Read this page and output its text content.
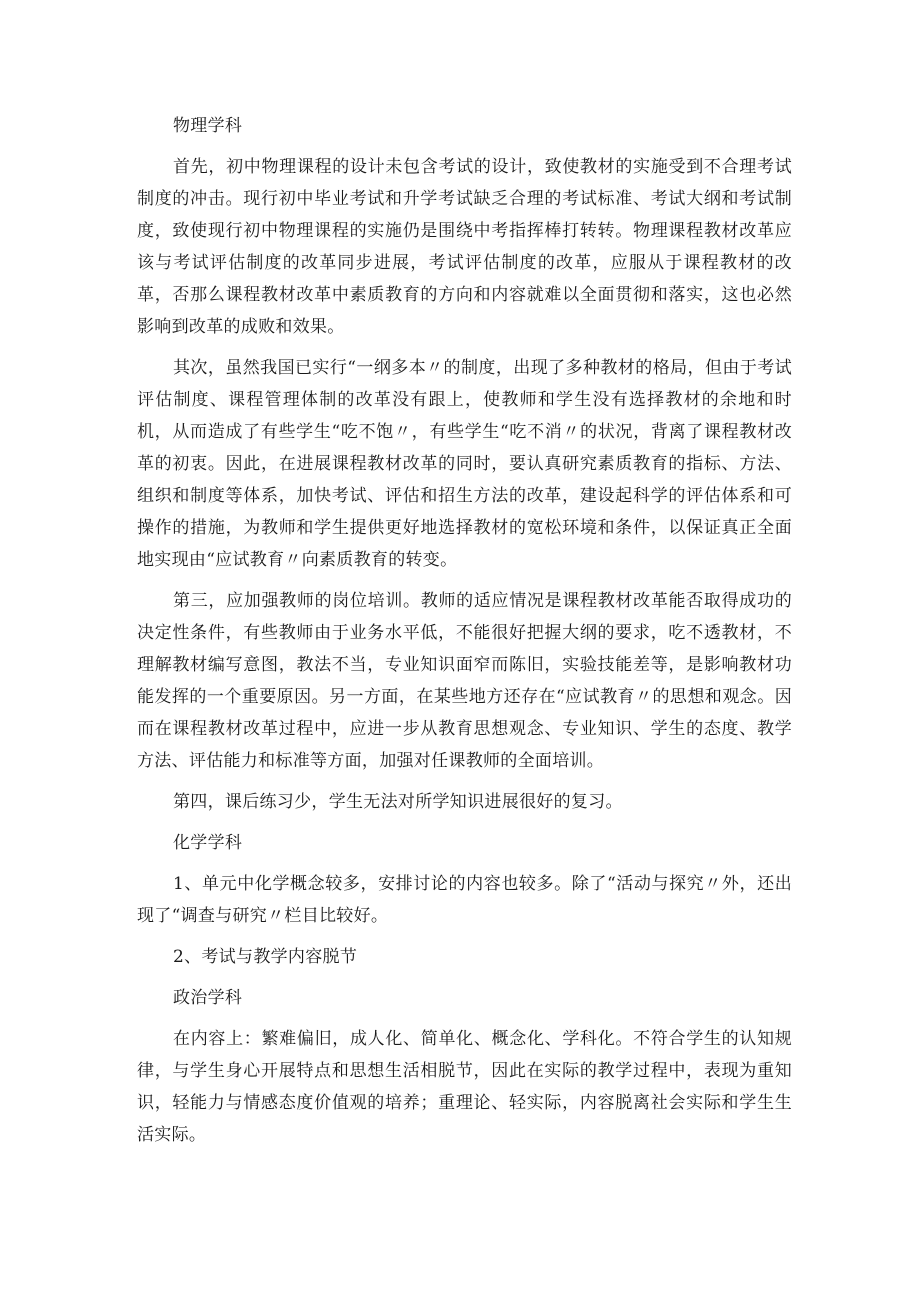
物理学科

首先，初中物理课程的设计未包含考试的设计，致使教材的实施受到不合理考试制度的冲击。现行初中毕业考试和升学考试缺乏合理的考试标准、考试大纲和考试制度，致使现行初中物理课程的实施仍是围绕中考指挥棒打转转。物理课程教材改革应该与考试评估制度的改革同步进展，考试评估制度的改革，应服从于课程教材的改革，否那么课程教材改革中素质教育的方向和内容就难以全面贯彻和落实，这也必然影响到改革的成败和效果。

其次，虽然我国已实行“一纲多本〃的制度，出现了多种教材的格局，但由于考试评估制度、课程管理体制的改革没有跟上，使教师和学生没有选择教材的余地和时机，从而造成了有些学生“吃不饱〃，有些学生“吃不消〃的状况，背离了课程教材改革的初衷。因此，在进展课程教材改革的同时，要认真研究素质教育的指标、方法、组织和制度等体系，加快考试、评估和招生方法的改革，建设起科学的评估体系和可操作的措施，为教师和学生提供更好地选择教材的宽松环境和条件，以保证真正全面地实现由“应试教育〃向素质教育的转变。

第三，应加强教师的岗位培训。教师的适应情况是课程教材改革能否取得成功的决定性条件，有些教师由于业务水平低，不能很好把握大纲的要求，吃不透教材，不理解教材编写意图，教法不当，专业知识面窄而陈旧，实验技能差等，是影响教材功能发挥的一个重要原因。另一方面，在某些地方还存在“应试教育〃的思想和观念。因而在课程教材改革过程中，应进一步从教育思想观念、专业知识、学生的态度、教学方法、评估能力和标准等方面，加强对任课教师的全面培训。

第四，课后练习少，学生无法对所学知识进展很好的复习。

化学学科

1、单元中化学概念较多，安排讨论的内容也较多。除了“活动与探究〃外，还出现了“调查与研究〃栏目比较好。

2、考试与教学内容脱节

政治学科

在内容上：繁难偏旧，成人化、简单化、概念化、学科化。不符合学生的认知规律，与学生身心开展特点和思想生活相脱节，因此在实际的教学过程中，表现为重知识，轻能力与情感态度价值观的培养；重理论、轻实际，内容脱离社会实际和学生生活实际。
